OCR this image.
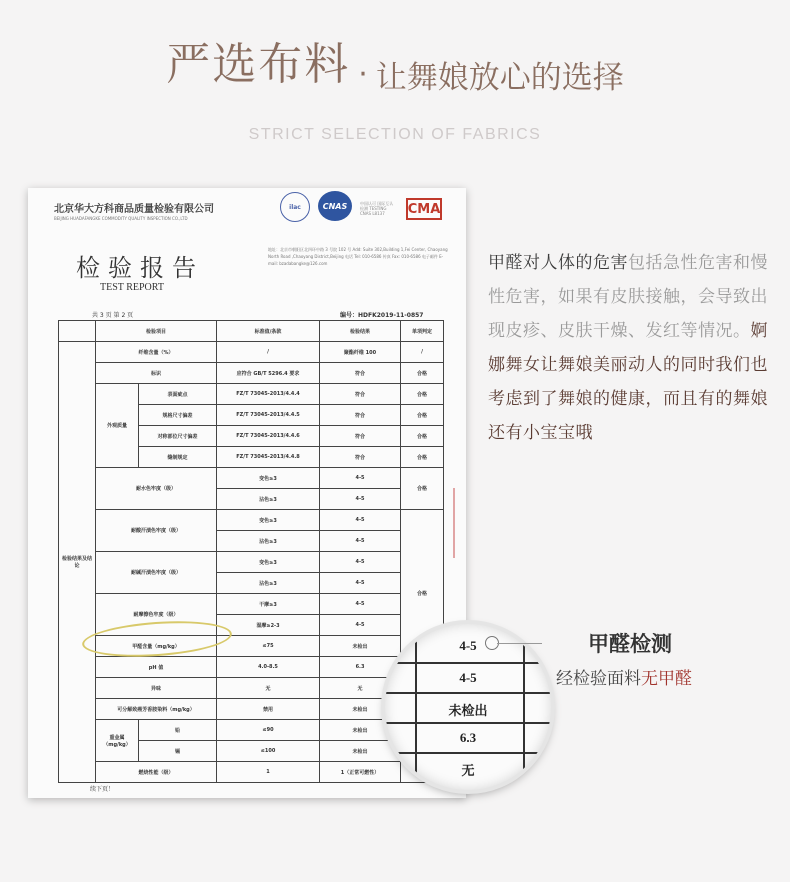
严选布料 · 让舞娘放心的选择
STRICT SELECTION OF FABRICS
北京华大方科商品质量检验有限公司
BEIJING HUADAFANGKE COMMODITY QUALITY INSPECTION CO.,LTD
ilac	CNAS	中国认可 国际互认 检测 TESTING CNAS L8137	CMA
检验报告
TEST REPORT
地址：北京市朝阳区北四环中路 3 号院 102 号 Add: Suite 302,Building 1,Fei Center, Chaoyang North Road ,Chaoyang District,Beijing 电话 Tel: 010-6586 传真 Fax: 010-6586 电子邮件 E-mail: bzadabangke@126.com
共 3 页 第 2 页	编号：HDFK2019-11-0857
	检验项目		标准值/条款	检验结果	单项判定
检验结果及结论	纤维含量（%）		/	聚酯纤维 100	/
	标识		应符合 GB/T 5296.4 要求	符合	合格
	外观质量	表面疵点	FZ/T 73045-2013/4.4.4	符合	合格
		规格尺寸偏差	FZ/T 73045-2013/4.4.5	符合	合格
		对称部位尺寸偏差	FZ/T 73045-2013/4.4.6	符合	合格
		缝制规定	FZ/T 73045-2013/4.4.8	符合	合格
	耐水色牢度（级）		变色≥3	4-5	合格
			沾色≥3	4-5	
	耐酸汗渍色牢度（级）		变色≥3	4-5	合格
			沾色≥3	4-5	
	耐碱汗渍色牢度（级）		变色≥3	4-5	
			沾色≥3	4-5	
	耐摩擦色牢度（级）		干摩≥3	4-5	
			湿摩≥2-3	4-5	
	甲醛含量（mg/kg）		≤75	未检出	
	pH 值		4.0-8.5	6.3	
	异味		无	无	
	可分解致癌芳香胺染料（mg/kg）		禁用	未检出	
	重金属（mg/kg）	铅	≤90	未检出	
		镉	≤100	未检出	
	燃烧性能（级）		1	1（正常可燃性）	
续下页！
甲醛对人体的危害包括急性危害和慢性危害，如果有皮肤接触，会导致出现皮疹、皮肤干燥、发红等情况。婀娜舞女让舞娘美丽动人的同时我们也考虑到了舞娘的健康，而且有的舞娘还有小宝宝哦
4-5
4-5
未检出
6.3
无
甲醛检测
经检验面料无甲醛
